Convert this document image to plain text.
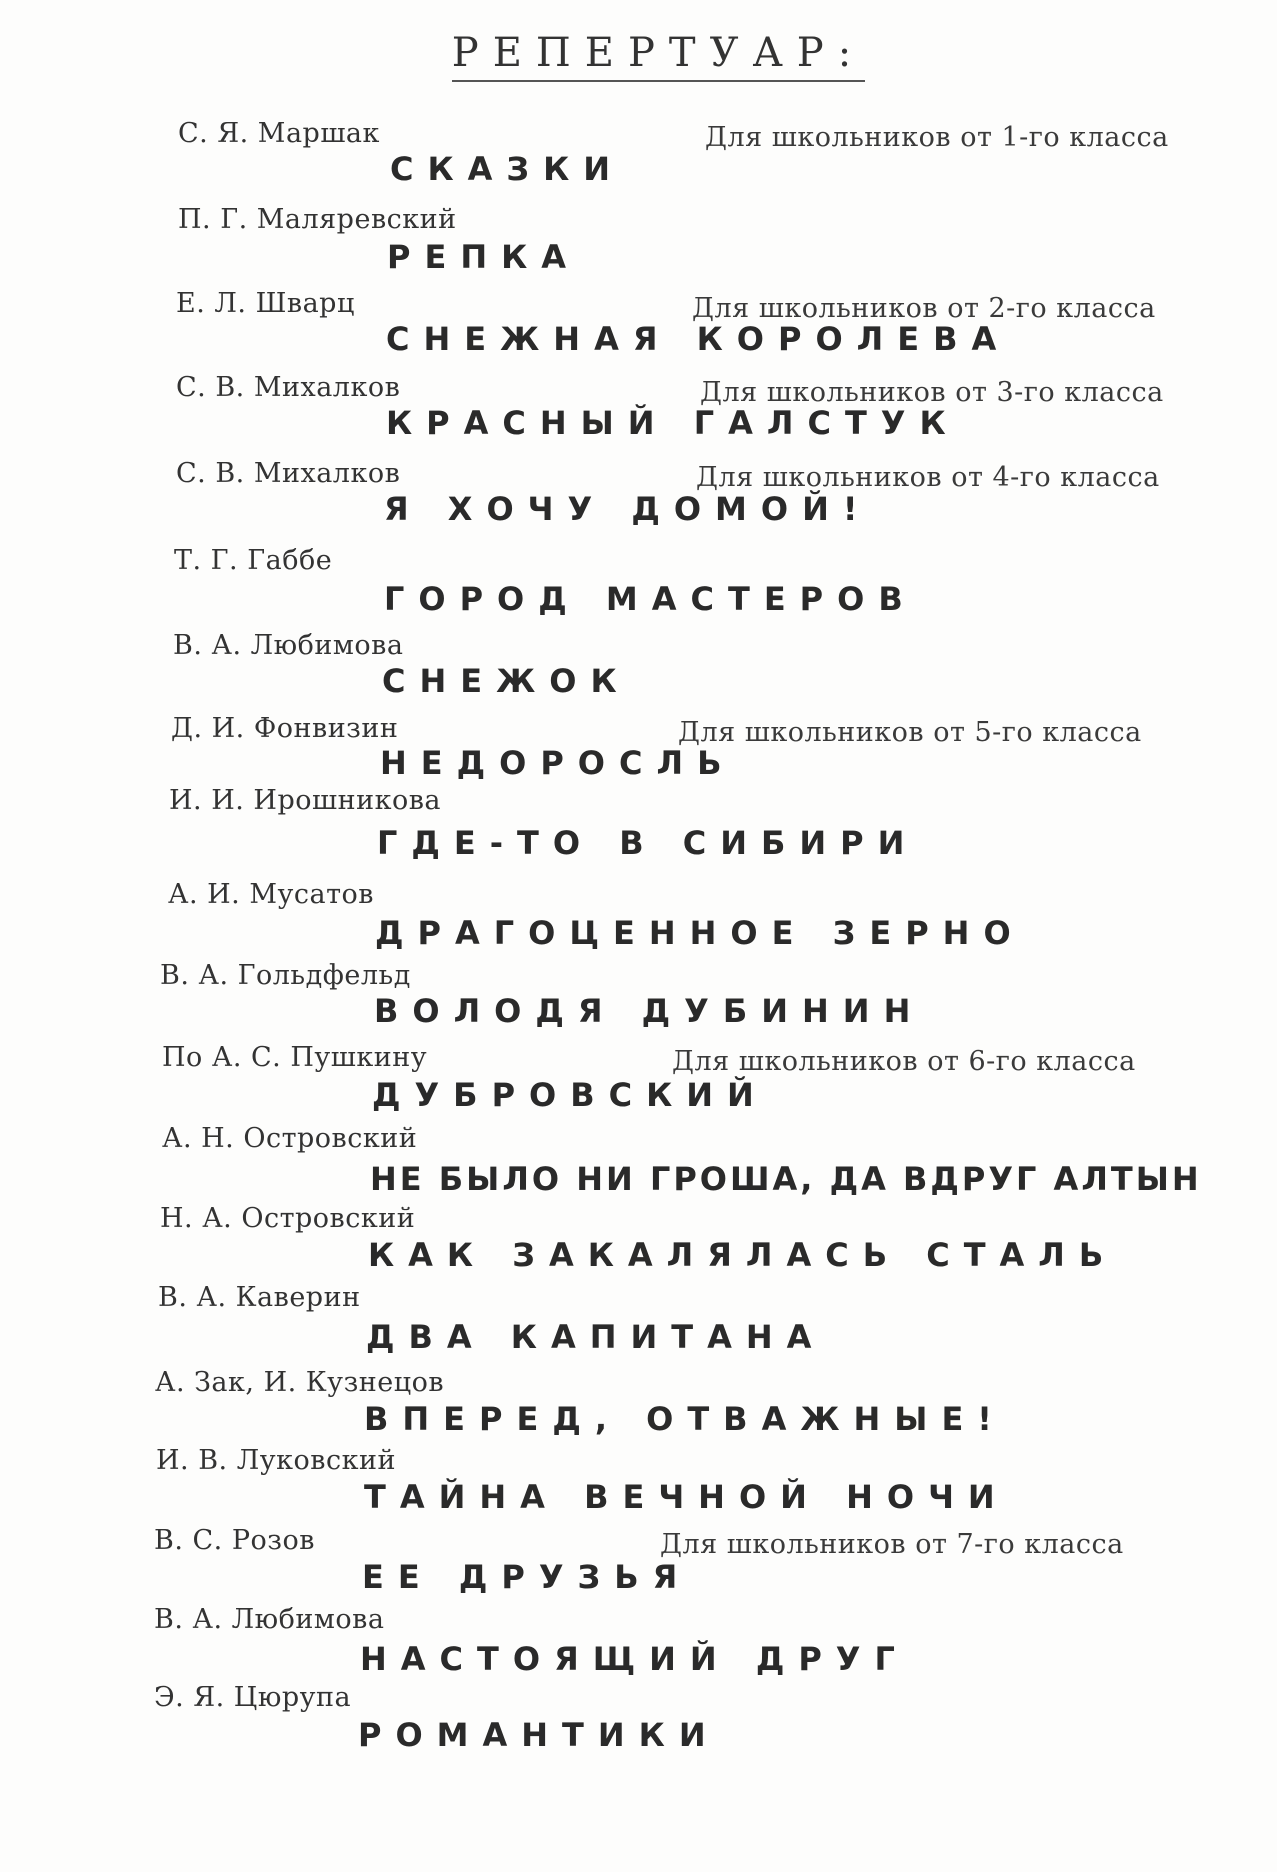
РЕПЕРТУАР:
С. Я. Маршак	Для школьников от 1-го класса
СКАЗКИ
П. Г. Маляревский
РЕПКА
Е. Л. Шварц	Для школьников от 2-го класса
СНЕЖНАЯ КОРОЛЕВА
С. В. Михалков	Для школьников от 3-го класса
КРАСНЫЙ ГАЛСТУК
С. В. Михалков	Для школьников от 4-го класса
Я ХОЧУ ДОМОЙ!
Т. Г. Габбе
ГОРОД МАСТЕРОВ
В. А. Любимова
СНЕЖОК
Д. И. Фонвизин	Для школьников от 5-го класса
НЕДОРОСЛЬ
И. И. Ирошникова
ГДЕ-ТО В СИБИРИ
А. И. Мусатов
ДРАГОЦЕННОЕ ЗЕРНО
В. А. Гольдфельд
ВОЛОДЯ ДУБИНИН
По А. С. Пушкину	Для школьников от 6-го класса
ДУБРОВСКИЙ
А. Н. Островский
НЕ БЫЛО НИ ГРОША, ДА ВДРУГ АЛТЫН
Н. А. Островский
КАК ЗАКАЛЯЛАСЬ СТАЛЬ
В. А. Каверин
ДВА КАПИТАНА
А. Зак, И. Кузнецов
ВПЕРЕД, ОТВАЖНЫЕ!
И. В. Луковский
ТАЙНА ВЕЧНОЙ НОЧИ
В. С. Розов	Для школьников от 7-го класса
ЕЕ ДРУЗЬЯ
В. А. Любимова
НАСТОЯЩИЙ ДРУГ
Э. Я. Цюрупа
РОМАНТИКИ
